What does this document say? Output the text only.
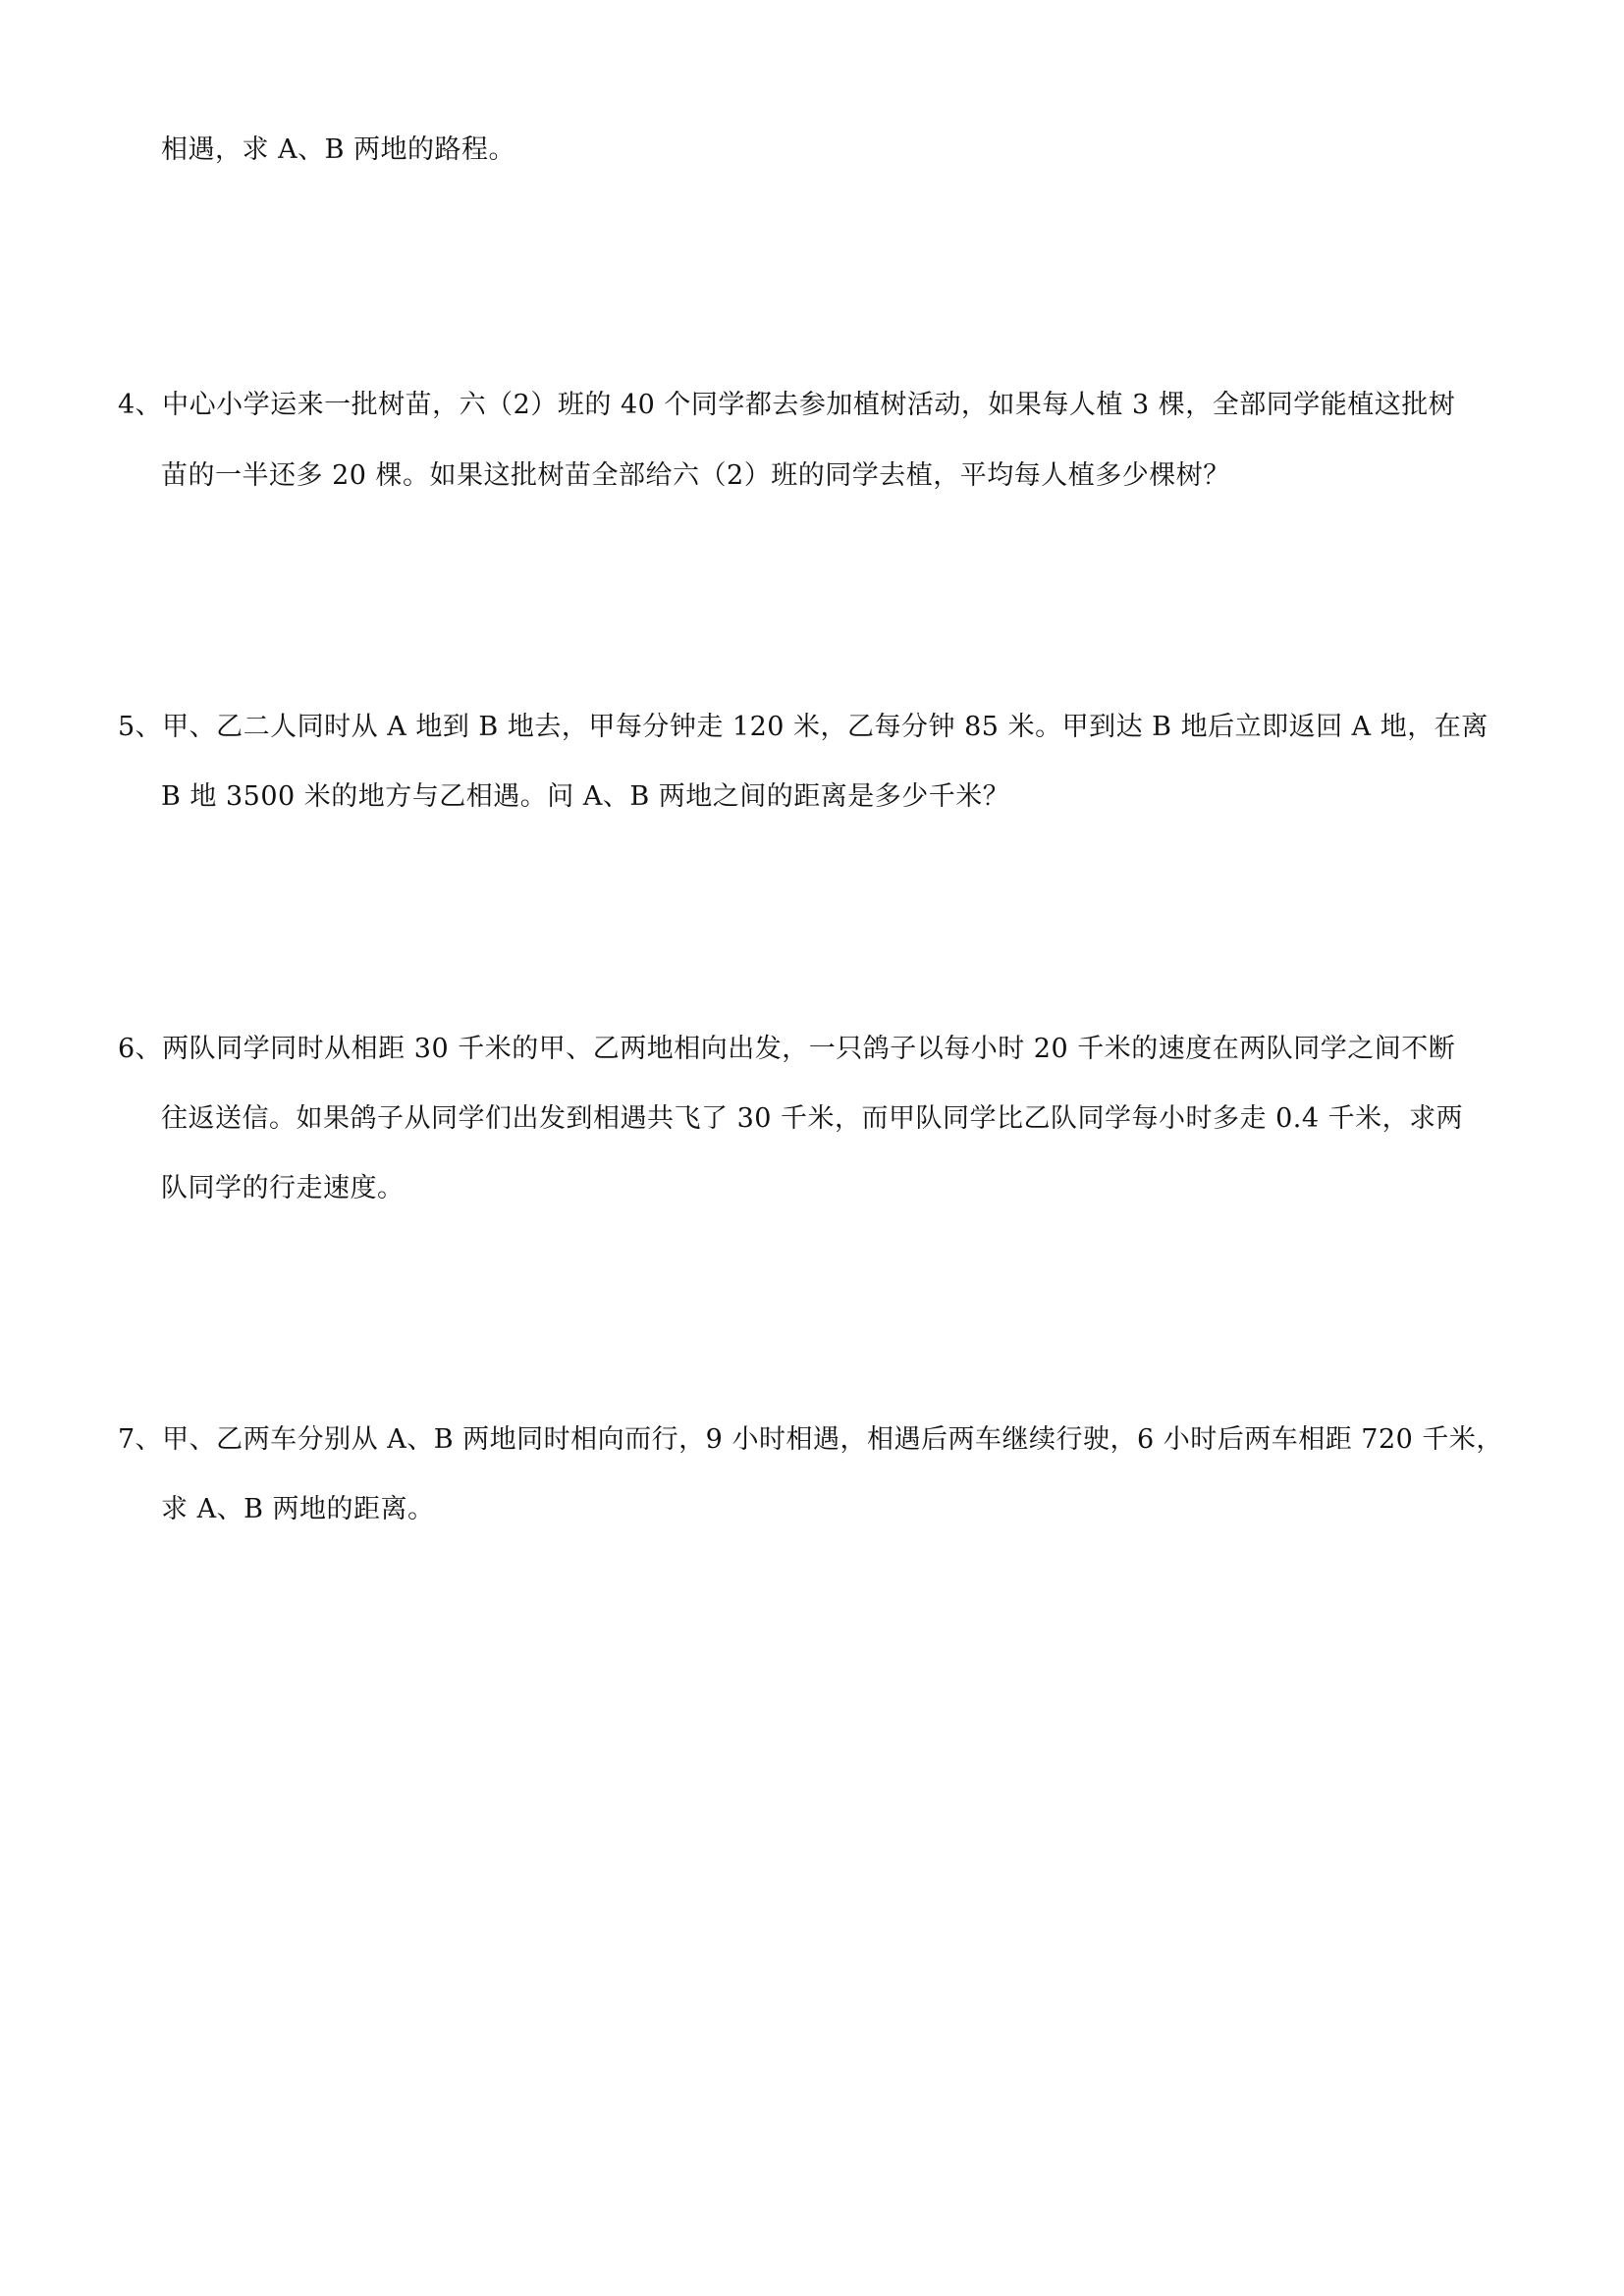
相遇，求 A、B 两地的路程。
4、中心小学运来一批树苗，六（2）班的 40 个同学都去参加植树活动，如果每人植 3 棵，全部同学能植这批树
苗的一半还多 20 棵。如果这批树苗全部给六（2）班的同学去植，平均每人植多少棵树？
5、甲、乙二人同时从 A 地到 B 地去，甲每分钟走 120 米，乙每分钟 85 米。甲到达 B 地后立即返回 A 地，在离
B 地 3500 米的地方与乙相遇。问 A、B 两地之间的距离是多少千米？
6、两队同学同时从相距 30 千米的甲、乙两地相向出发，一只鸽子以每小时 20 千米的速度在两队同学之间不断
往返送信。如果鸽子从同学们出发到相遇共飞了 30 千米，而甲队同学比乙队同学每小时多走 0.4 千米，求两
队同学的行走速度。
7、甲、乙两车分别从 A、B 两地同时相向而行，9 小时相遇，相遇后两车继续行驶，6 小时后两车相距 720 千米，
求 A、B 两地的距离。
